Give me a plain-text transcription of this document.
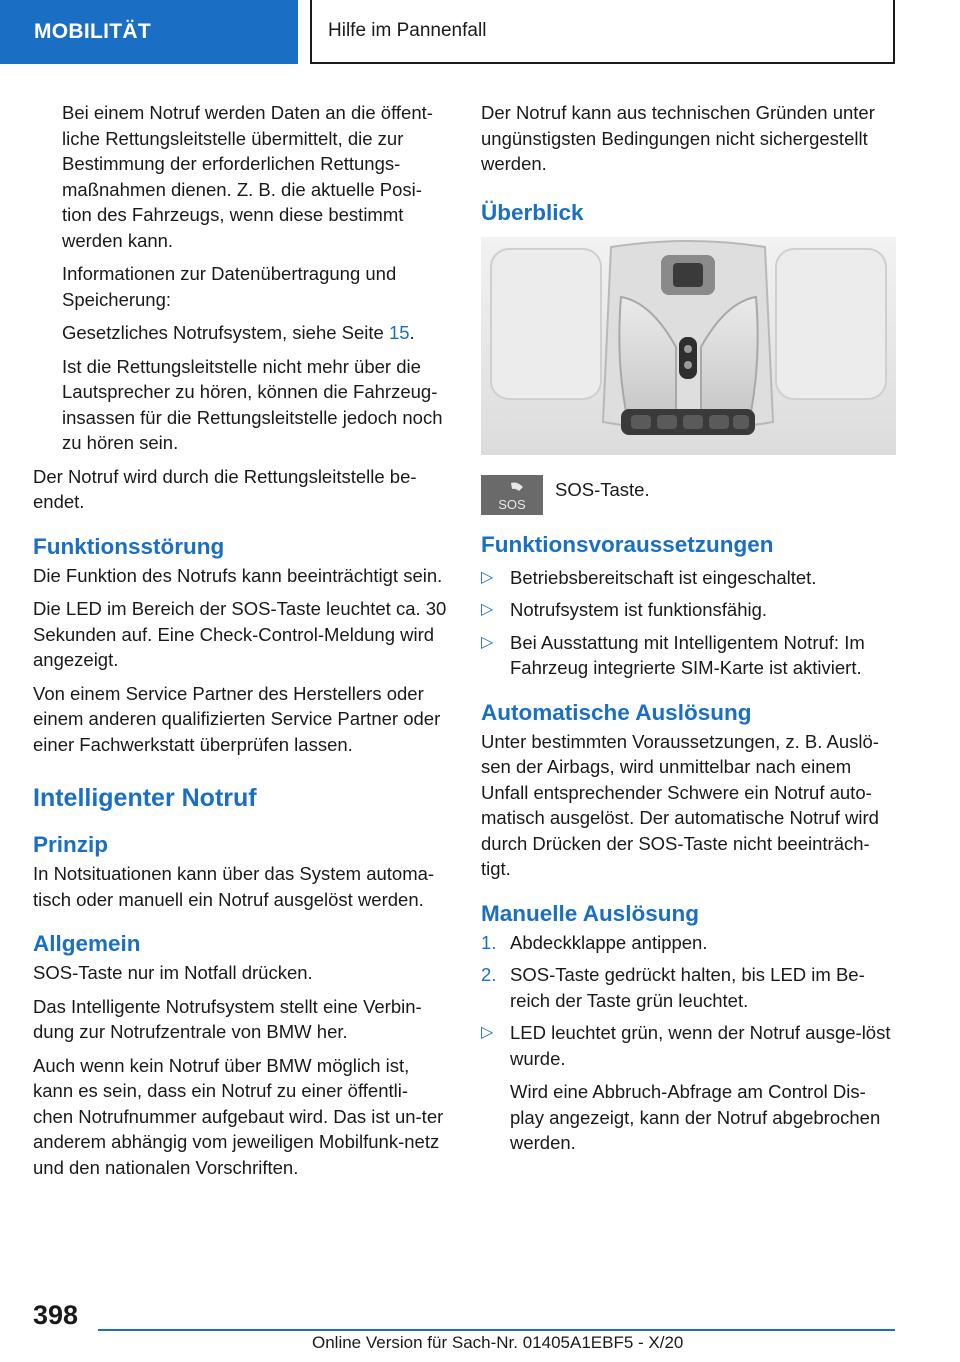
MOBILITÄT	Hilfe im Pannenfall

Bei einem Notruf werden Daten an die öffent-liche Rettungsleitstelle übermittelt, die zur Bestimmung der erforderlichen Rettungs-maßnahmen dienen. Z. B. die aktuelle Posi-tion des Fahrzeugs, wenn diese bestimmt werden kann.

Informationen zur Datenübertragung und Speicherung:

Gesetzliches Notrufsystem, siehe Seite 15.

Ist die Rettungsleitstelle nicht mehr über die Lautsprecher zu hören, können die Fahrzeug-insassen für die Rettungsleitstelle jedoch noch zu hören sein.

Der Notruf wird durch die Rettungsleitstelle be-endet.

Funktionsstörung

Die Funktion des Notrufs kann beeinträchtigt sein.

Die LED im Bereich der SOS-Taste leuchtet ca. 30 Sekunden auf. Eine Check-Control-Meldung wird angezeigt.

Von einem Service Partner des Herstellers oder einem anderen qualifizierten Service Partner oder einer Fachwerkstatt überprüfen lassen.

Intelligenter Notruf
Prinzip

In Notsituationen kann über das System automa-tisch oder manuell ein Notruf ausgelöst werden.

Allgemein

SOS-Taste nur im Notfall drücken.

Das Intelligente Notrufsystem stellt eine Verbin-dung zur Notrufzentrale von BMW her.

Auch wenn kein Notruf über BMW möglich ist, kann es sein, dass ein Notruf zu einer öffentli-chen Notrufnummer aufgebaut wird. Das ist un-ter anderem abhängig vom jeweiligen Mobilfunk-netz und den nationalen Vorschriften.

Der Notruf kann aus technischen Gründen unter ungünstigsten Bedingungen nicht sichergestellt werden.

Überblick
SOS
SOS-Taste.
Funktionsvoraussetzungen
▷ Betriebsbereitschaft ist eingeschaltet.
▷ Notrufsystem ist funktionsfähig.
▷ Bei Ausstattung mit Intelligentem Notruf: Im Fahrzeug integrierte SIM-Karte ist aktiviert.
Automatische Auslösung

Unter bestimmten Voraussetzungen, z. B. Auslö-sen der Airbags, wird unmittelbar nach einem Unfall entsprechender Schwere ein Notruf auto-matisch ausgelöst. Der automatische Notruf wird durch Drücken der SOS-Taste nicht beeinträch-tigt.

Manuelle Auslösung
1. Abdeckklappe antippen.
2. SOS-Taste gedrückt halten, bis LED im Be-reich der Taste grün leuchtet.
▷ LED leuchtet grün, wenn der Notruf ausge-löst wurde.

Wird eine Abbruch-Abfrage am Control Dis-play angezeigt, kann der Notruf abgebrochen werden.

398
Online Version für Sach-Nr. 01405A1EBF5 - X/20
